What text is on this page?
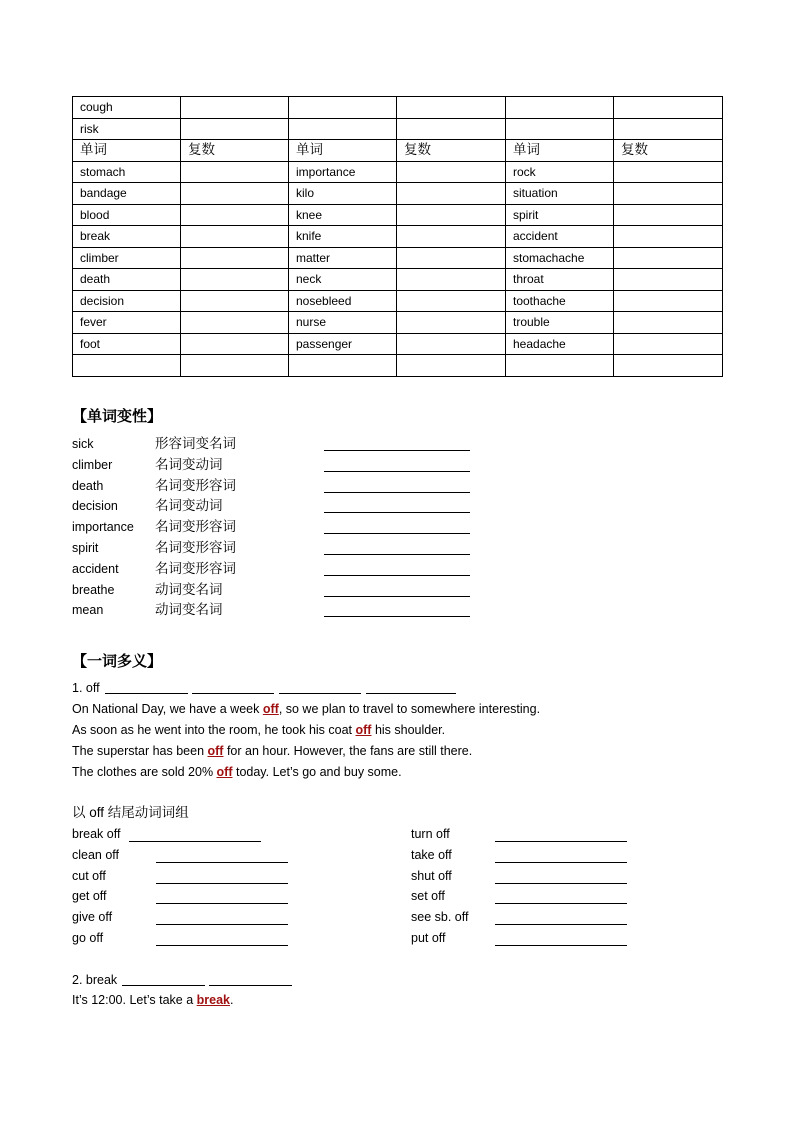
cough					
risk					
单词	复数	单词	复数	单词	复数
stomach		importance		rock	
bandage		kilo		situation	
blood		knee		spirit	
break		knife		accident	
climber		matter		stomachache	
death		neck		throat	
decision		nosebleed		toothache	
fever		nurse		trouble	
foot		passenger		headache	

【单词变性】
sick	形容词变名词
climber	名词变动词
death	名词变形容词
decision	名词变动词
importance 名词变形容词
spirit	名词变形容词
accident	名词变形容词
breathe	动词变名词
mean	动词变名词
【一词多义】
1. off
On National Day, we have a week off, so we plan to travel to somewhere interesting.
As soon as he went into the room, he took his coat off his shoulder.
The superstar has been off for an hour. However, the fans are still there.
The clothes are sold 20% off today. Let’s go and buy some.
以 off 结尾动词词组
break off
clean off
cut off
get off
give off
go off
turn off
take off
shut off
set off
see sb. off
put off
2. break
It’s 12:00. Let’s take a break.
